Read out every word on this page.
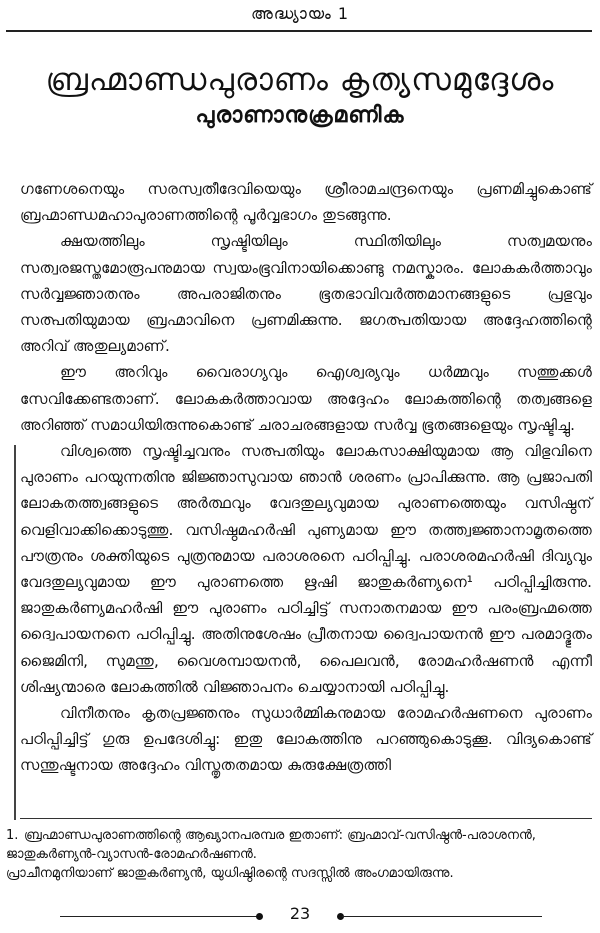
അദ്ധ്യായം 1
ബ്രഹ്മാണ്ഡപുരാണം കൃത്യസമുദ്ദേശം
പുരാണാനുക്രമണിക

ഗണേശനെയും സരസ്വതീദേവിയെയും ശ്രീരാമചന്ദ്രനെയും പ്രണമിച്ചുകൊണ്ട് ബ്രഹ്മാണ്ഡമഹാപുരാണത്തിന്റെ പൂർവ്വഭാഗം തുടങ്ങുന്നു.

ക്ഷയത്തിലും സൃഷ്ടിയിലും സ്ഥിതിയിലും സത്വമയനും സത്വരജസ്തമോരൂപനുമായ സ്വയംഭൂവിനായിക്കൊണ്ടു നമസ്കാരം. ലോകകർത്താവും സർവ്വജ്ഞാതനും അപരാജിതനും ഭൂതഭാവിവർത്തമാനങ്ങളുടെ പ്രഭുവും സത്പതിയുമായ ബ്രഹ്മാവിനെ പ്രണമിക്കുന്നു. ജഗത്പതിയായ അദ്ദേഹത്തിന്റെ അറിവ് അതുല്യമാണ്.

ഈ അറിവും വൈരാഗ്യവും ഐശ്വര്യവും ധർമ്മവും സത്തുക്കൾ സേവിക്കേണ്ടതാണ്. ലോകകർത്താവായ അദ്ദേഹം ലോകത്തിന്റെ തത്വങ്ങളെ അറിഞ്ഞ് സമാധിയിരുന്നുകൊണ്ട് ചരാചരങ്ങളായ സർവ്വ ഭൂതങ്ങളെയും സൃഷ്ടിച്ചു.

വിശ്വത്തെ സൃഷ്ടിച്ചവനും സത്പതിയും ലോകസാക്ഷിയുമായ ആ വിഭുവിനെ പുരാണം പറയുന്നതിനു ജിജ്ഞാസുവായ ഞാൻ ശരണം പ്രാപിക്കുന്നു. ആ പ്രജാപതി ലോകതത്ത്വങ്ങളുടെ അർത്ഥവും വേദതുല്യവുമായ പുരാണത്തെയും വസിഷ്ഠന് വെളിവാക്കിക്കൊടുത്തു. വസിഷ്ഠമഹർഷി പുണ്യമായ ഈ തത്ത്വജ്ഞാനാമൃതത്തെ പൗത്രനും ശക്തിയുടെ പുത്രനുമായ പരാശരനെ പഠിപ്പിച്ചു. പരാശരമഹർഷി ദിവ്യവും വേദതുല്യവുമായ ഈ പുരാണത്തെ ഋഷി ജാതുകർണ്യനെ¹ പഠിപ്പിച്ചിരുന്നു. ജാതുകർണ്യമഹർഷി ഈ പുരാണം പഠിച്ചിട്ട് സനാതനമായ ഈ പരംബ്രഹ്മത്തെ ദ്വൈപായനനെ പഠിപ്പിച്ചു. അതിനുശേഷം പ്രീതനായ ദ്വൈപായനൻ ഈ പരമാദ്ഭുതം ജൈമിനി, സുമന്തു, വൈശമ്പായനൻ, പൈലവൻ, രോമഹർഷണൻ എന്നീ ശിഷ്യന്മാരെ ലോകത്തിൽ വിജ്ഞാപനം ചെയ്യാനായി പഠിപ്പിച്ചു.

വിനീതനും കൃതപ്രജ്ഞനും സുധാർമ്മികനുമായ രോമഹർഷണനെ പുരാണം പഠിപ്പിച്ചിട്ട് ഗുരു ഉപദേശിച്ചു: ഇതു ലോകത്തിനു പറഞ്ഞുകൊടുക്കൂ. വിദ്യകൊണ്ട് സന്തുഷ്ടനായ അദ്ദേഹം വിസ്തൃതതമായ കുരുക്ഷേത്രത്തി

1. ബ്രഹ്മാണ്ഡപുരാണത്തിന്റെ ആഖ്യാനപരമ്പര ഇതാണ്: ബ്രഹ്മാവ്-വസിഷ്ഠൻ-പരാശനൻ, ജാതുകർണ്യൻ-വ്യാസൻ-രോമഹർഷണൻ.

പ്രാചീനമുനിയാണ് ജാതുകർണ്യൻ, യുധിഷ്ഠിരന്റെ സദസ്സിൽ അംഗമായിരുന്നു.

23
